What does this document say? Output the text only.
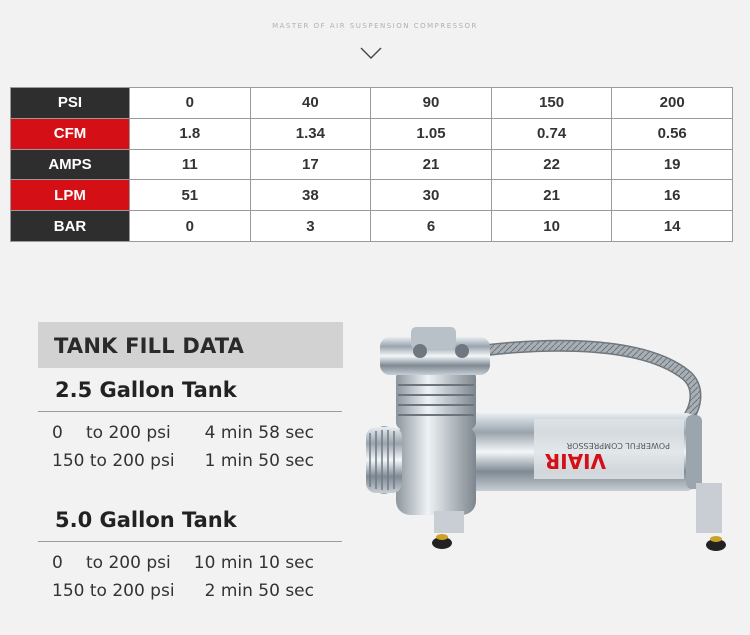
MASTER OF AIR SUSPENSION COMPRESSOR
PSI	0	40	90	150	200
CFM	1.8	1.34	1.05	0.74	0.56
AMPS	11	17	21	22	19
LPM	51	38	30	21	16
BAR	0	3	6	10	14
TANK FILL DATA
2.5 Gallon Tank
0 to 200 psi 4 min 58 sec
150 to 200 psi 1 min 50 sec
5.0 Gallon Tank
0 to 200 psi 10 min 10 sec
150 to 200 psi 2 min 50 sec
POWERFUL COMPRESSOR
VIAIR
